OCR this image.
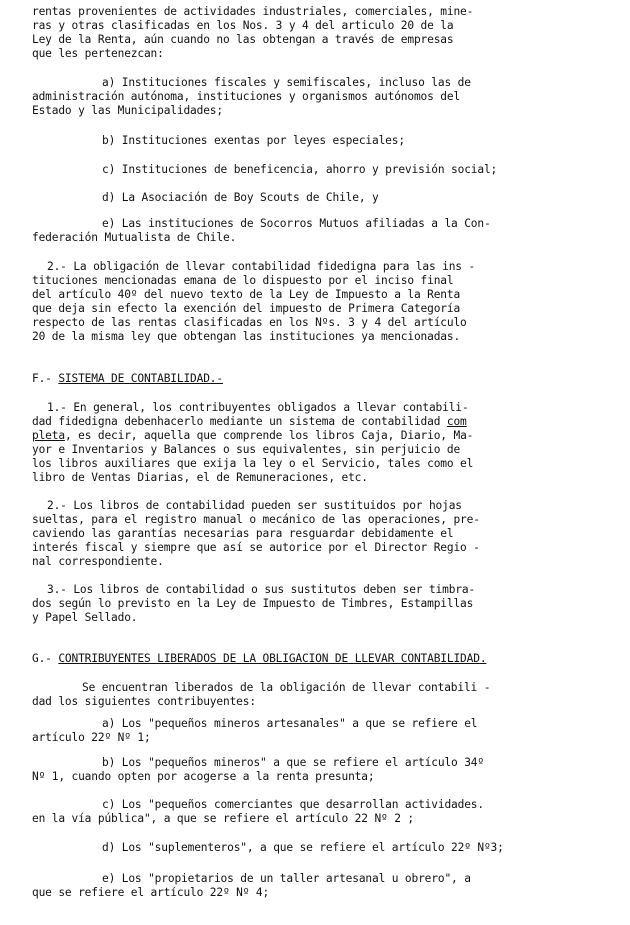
rentas provenientes de actividades industriales, comerciales, mine-
ras y otras clasificadas en los Nos. 3 y 4 del articulo 20 de la
Ley de la Renta, aún cuando no las obtengan a través de empresas
que les pertenezcan:
a) Instituciones fiscales y semifiscales, incluso las de
administración autónoma, instituciones y organismos autónomos del
Estado y las Municipalidades;
b) Instituciones exentas por leyes especiales;
c) Instituciones de beneficencia, ahorro y previsión social;
d) La Asociación de Boy Scouts de Chile, y
e) Las instituciones de Socorros Mutuos afiliadas a la Con-
federación Mutualista de Chile.
2.- La obligación de llevar contabilidad fidedigna para las ins -
tituciones mencionadas emana de lo dispuesto por el inciso final
del artículo 40º del nuevo texto de la Ley de Impuesto a la Renta
que deja sin efecto la exención del impuesto de Primera Categoría
respecto de las rentas clasificadas en los Nºs. 3 y 4 del artículo
20 de la misma ley que obtengan las instituciones ya mencionadas.
F.- SISTEMA DE CONTABILIDAD.-
1.- En general, los contribuyentes obligados a llevar contabili-
dad fidedigna debenhacerlo mediante un sistema de contabilidad com
pleta, es decir, aquella que comprende los libros Caja, Diario, Ma-
yor e Inventarios y Balances o sus equivalentes, sin perjuicio de
los libros auxiliares que exija la ley o el Servicio, tales como el
libro de Ventas Diarias, el de Remuneraciones, etc.
2.- Los libros de contabilidad pueden ser sustituidos por hojas
sueltas, para el registro manual o mecánico de las operaciones, pre-
caviendo las garantías necesarias para resguardar debidamente el
interés fiscal y siempre que así se autorice por el Director Regio -
nal correspondiente.
3.- Los libros de contabilidad o sus sustitutos deben ser timbra-
dos según lo previsto en la Ley de Impuesto de Timbres, Estampillas
y Papel Sellado.
G.- CONTRIBUYENTES LIBERADOS DE LA OBLIGACION DE LLEVAR CONTABILIDAD.
Se encuentran liberados de la obligación de llevar contabili -
dad los siguientes contribuyentes:
a) Los "pequeños mineros artesanales" a que se refiere el
artículo 22º Nº 1;
b) Los "pequeños mineros" a que se refiere el artículo 34º
Nº 1, cuando opten por acogerse a la renta presunta;
c) Los "pequeños comerciantes que desarrollan actividades.
en la vía pública", a que se refiere el artículo 22 Nº 2 ;
d) Los "suplementeros", a que se refiere el artículo 22º Nº3;
e) Los "propietarios de un taller artesanal u obrero", a
que se refiere el artículo 22º Nº 4;
